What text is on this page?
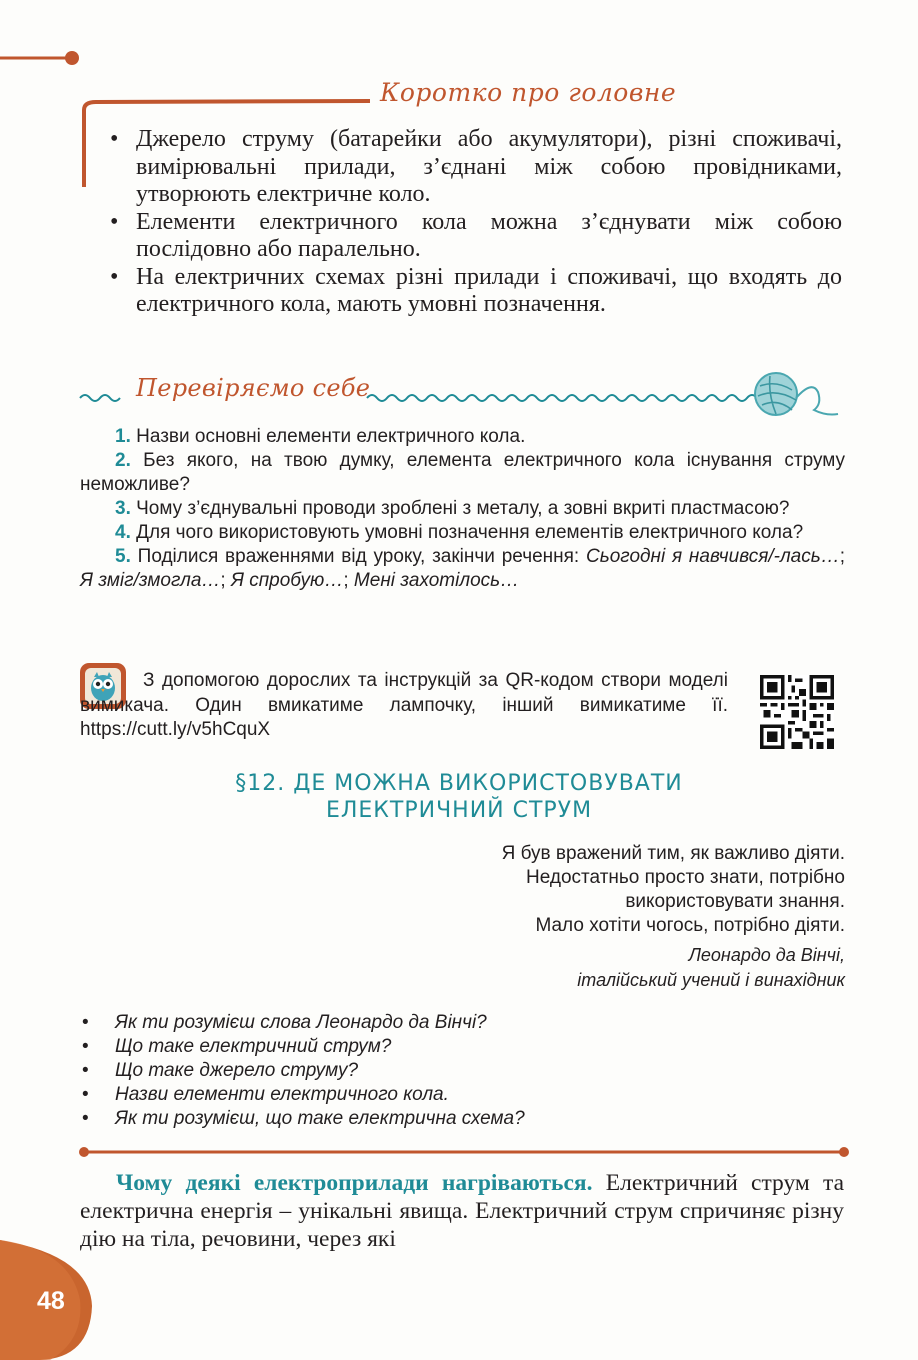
Коротко про головне
• Джерело струму (батарейки або акумулятори), різні споживачі, вимірювальні прилади, з’єднані між собою провідниками, утворюють електричне коло.
• Елементи електричного кола можна з’єднувати між собою послідовно або паралельно.
• На електричних схемах різні прилади і споживачі, що входять до електричного кола, мають умовні позначення.
Перевіряємо себе
1. Назви основні елементи електричного кола.
2. Без якого, на твою думку, елемента електричного кола існування струму неможливе?
3. Чому з’єднувальні проводи зроблені з металу, а зовні вкриті пластмасою?
4. Для чого використовують умовні позначення елементів електричного кола?
5. Поділися враженнями від уроку, закінчи речення: Сьогодні я навчився/-лась…; Я зміг/змогла…; Я спробую…; Мені захотілось…
З допомогою дорослих та інструкцій за QR-кодом створи моделі вимикача. Один вмикатиме лампочку, інший вимикатиме її. https://cutt.ly/v5hCquX
§12. ДЕ МОЖНА ВИКОРИСТОВУВАТИ
ЕЛЕКТРИЧНИЙ СТРУМ
Я був вражений тим, як важливо діяти.
Недостатньо просто знати, потрібно
використовувати знання.
Мало хотіти чогось, потрібно діяти.
Леонардо да Вінчі,
італійський учений і винахідник
• Як ти розумієш слова Леонардо да Вінчі?
• Що таке електричний струм?
• Що таке джерело струму?
• Назви елементи електричного кола.
• Як ти розумієш, що таке електрична схема?
Чому деякі електроприлади нагріваються. Електричний струм та електрична енергія – унікальні явища. Електричний струм спричиняє різну дію на тіла, речовини, через які
48
